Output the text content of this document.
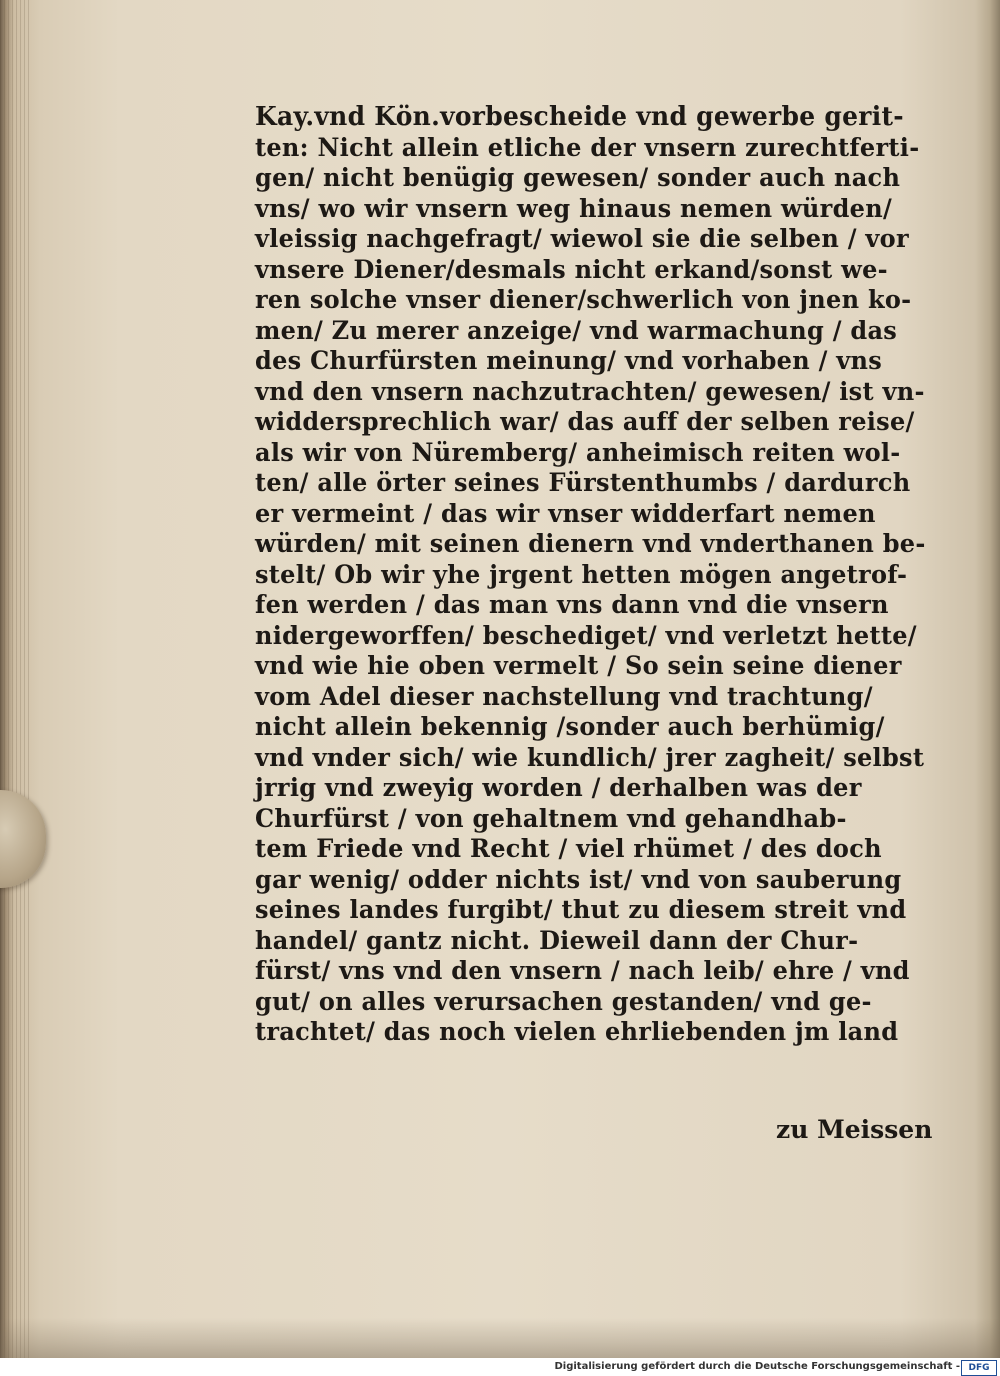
Kay.vnd Kön.vorbescheide vnd gewerbe gerit-
ten: Nicht allein etliche der vnsern zurechtferti-
gen/ nicht benügig gewesen/ sonder auch nach
vns/ wo wir vnsern weg hinaus nemen würden/
vleissig nachgefragt/ wiewol sie die selben / vor
vnsere Diener/desmals nicht erkand/sonst we-
ren solche vnser diener/schwerlich von jnen ko-
men/ Zu merer anzeige/ vnd warmachung / das
des Churfürsten meinung/ vnd vorhaben / vns
vnd den vnsern nachzutrachten/ gewesen/ ist vn-
widdersprechlich war/ das auff der selben reise/
als wir von Nüremberg/ anheimisch reiten wol-
ten/ alle örter seines Fürstenthumbs / dardurch
er vermeint / das wir vnser widderfart nemen
würden/ mit seinen dienern vnd vnderthanen be-
stelt/ Ob wir yhe jrgent hetten mögen angetrof-
fen werden / das man vns dann vnd die vnsern
nidergeworffen/ beschediget/ vnd verletzt hette/
vnd wie hie oben vermelt / So sein seine diener
vom Adel dieser nachstellung vnd trachtung/
nicht allein bekennig /sonder auch berhümig/
vnd vnder sich/ wie kundlich/ jrer zagheit/ selbst
jrrig vnd zweyig worden / derhalben was der
Churfürst / von gehaltnem vnd gehandhab-
tem Friede vnd Recht / viel rhümet / des doch
gar wenig/ odder nichts ist/ vnd von sauberung
seines landes furgibt/ thut zu diesem streit vnd
handel/ gantz nicht. Dieweil dann der Chur-
fürst/ vns vnd den vnsern / nach leib/ ehre / vnd
gut/ on alles verursachen gestanden/ vnd ge-
trachtet/ das noch vielen ehrliebenden jm land
zu Meissen
Digitalisierung gefördert durch die Deutsche Forschungsgemeinschaft - DFG
